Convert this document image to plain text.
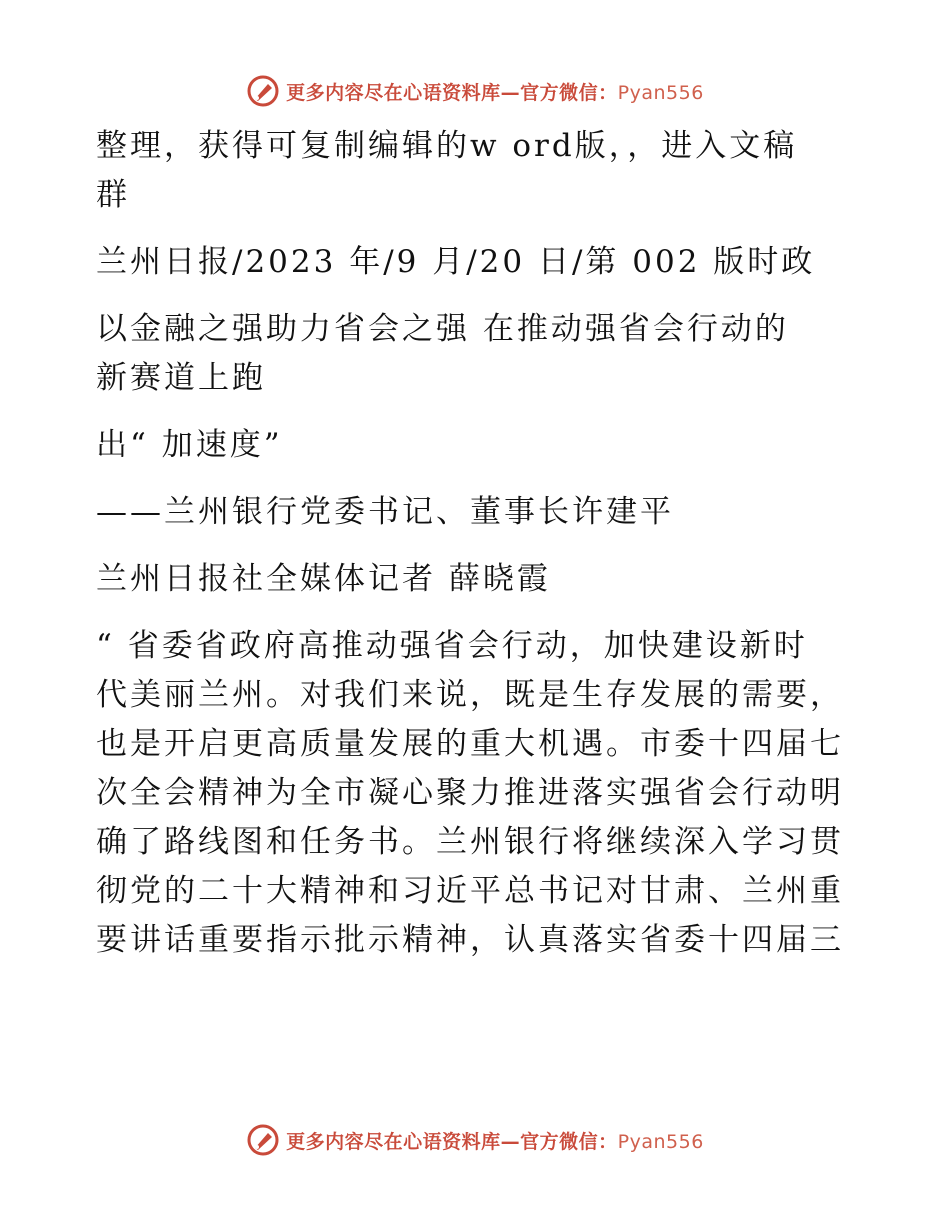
更多内容尽在心语资料库—官方微信：Pyan556

整理，获得可复制编辑的w ord版，，进入文稿

群

兰州日报/2023 年/9 月/20 日/第 002 版时政

以金融之强助力省会之强 在推动强省会行动的

新赛道上跑

出“ 加速度”

——兰州银行党委书记、董事长许建平

兰州日报社全媒体记者 薛晓霞

“ 省委省政府高推动强省会行动，加快建设新时

代美丽兰州。对我们来说，既是生存发展的需要，

也是开启更高质量发展的重大机遇。市委十四届七

次全会精神为全市凝心聚力推进落实强省会行动明

确了路线图和任务书。兰州银行将继续深入学习贯

彻党的二十大精神和习近平总书记对甘肃、兰州重

要讲话重要指示批示精神，认真落实省委十四届三

更多内容尽在心语资料库—官方微信：Pyan556
